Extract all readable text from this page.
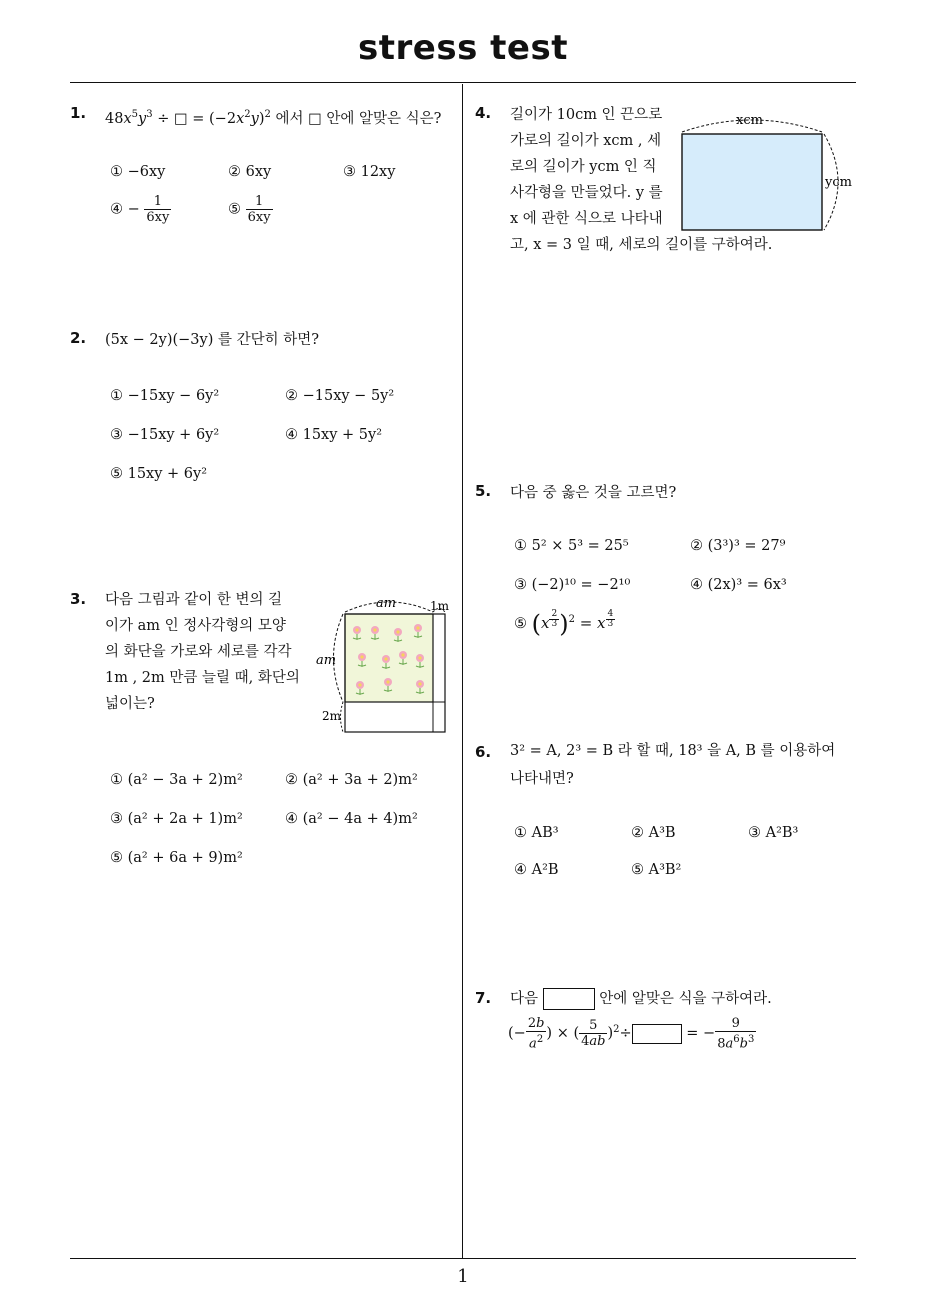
stress test
1
1. $48x^5y^3$ ÷ □ = $(-2x^2y)^2$ 에서 □ 안에 알맞은 식은?
① −6xy	② 6xy	③ 12xy
④ − $\frac{1}{6xy}$	⑤ $\frac{1}{6xy}$
2. (5x − 2y)(−3y) 를 간단히 하면?
① −15xy − 6y²	② −15xy − 5y²
③ −15xy + 6y²	④ 15xy + 5y²
⑤ 15xy + 6y²
3. 다음 그림과 같이 한 변의 길
이가 am 인 정사각형의 모양
의 화단을 가로와 세로를 각각
1m , 2m 만큼 늘릴 때, 화단의
넓이는?
am	1m
am
2m
① (a² − 3a + 2)m²	② (a² + 3a + 2)m²
③ (a² + 2a + 1)m²	④ (a² − 4a + 4)m²
⑤ (a² + 6a + 9)m²
4. 길이가 10cm 인 끈으로
가로의 길이가 xcm , 세
로의 길이가 ycm 인 직
사각형을 만들었다. y 를
x 에 관한 식으로 나타내
고, x = 3 일 때, 세로의 길이를 구하여라.
xcm
ycm
5. 다음 중 옳은 것을 고르면?
① 5² × 5³ = 25⁵	② (3³)³ = 27⁹
③ (−2)¹⁰ = −2¹⁰	④ (2x)³ = 6x³
⑤ (x $^{\frac{2}{3}}$ )$^2$ = x $^{\frac{4}{3}}$
6. 3² = A, 2³ = B 라 할 때, 18³ 을 A, B 를 이용하여
나타내면?
① AB³	② A³B	③ A²B³
④ A²B	⑤ A³B²
7. 다음	안에 알맞은 식을 구하여라.
(− $\frac{2b}{a^2}$ ) × ( $\frac{5}{4ab} )^2\div$	= − $\frac{9}{8a^6b^3}$
